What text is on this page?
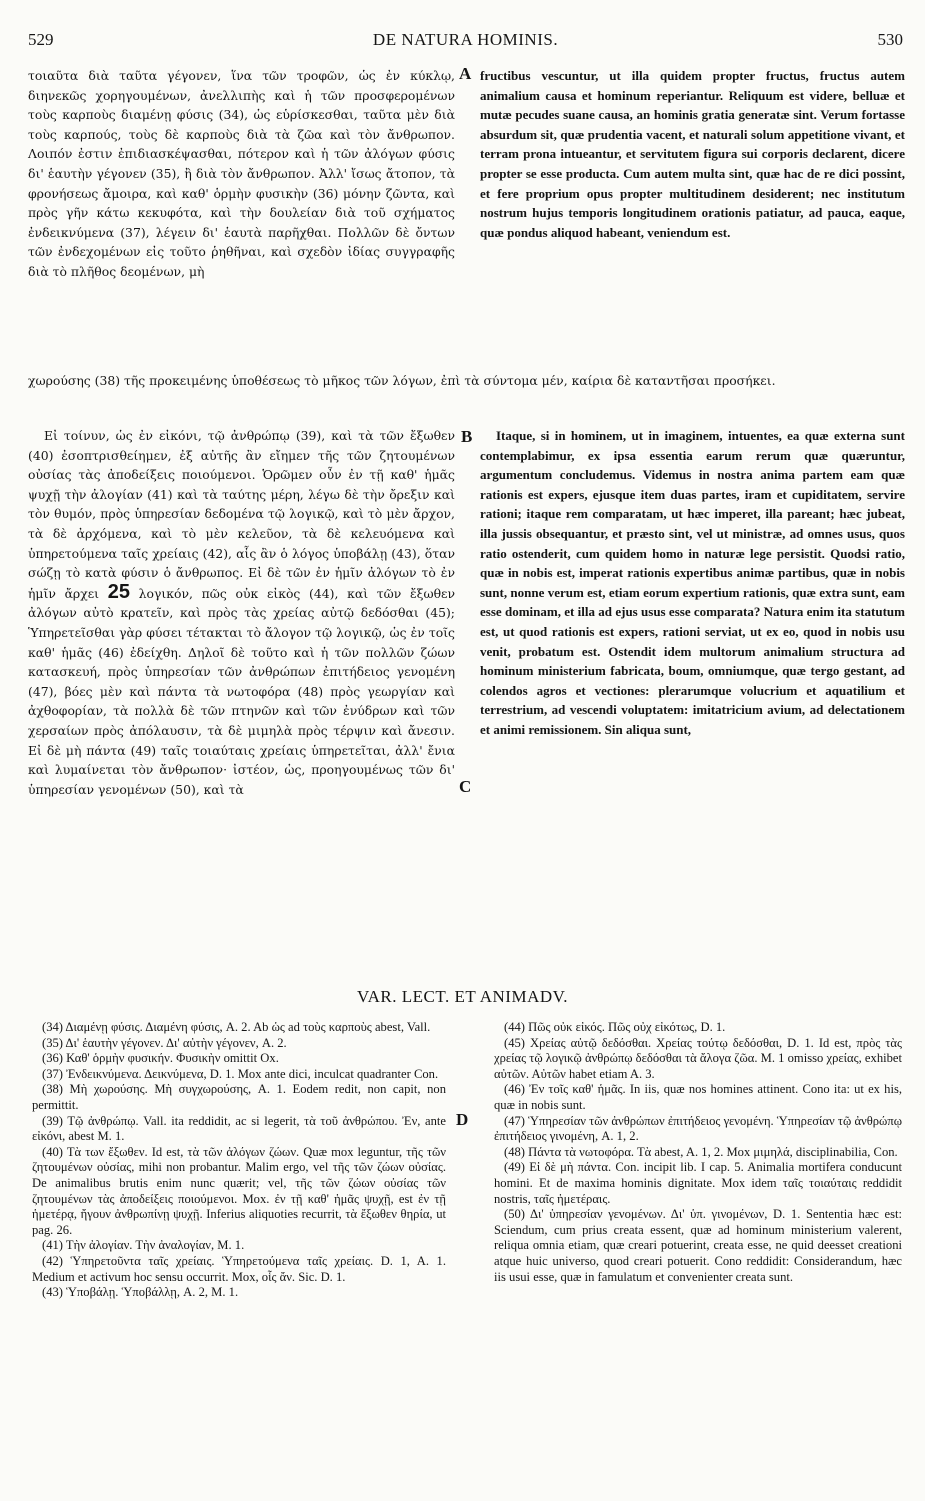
529	DE NATURA HOMINIS.	530

τοιαῦτα διὰ ταῦτα γέγονεν, ἵνα τῶν τροφῶν, ὡς ἐν κύκλῳ, διηνεκῶς χορηγουμένων, ἀνελλιπὴς καὶ ἡ τῶν προσφερομένων τοὺς καρποὺς διαμένῃ φύσις (34), ὡς εὑρίσκεσθαι, ταῦτα μὲν διὰ τοὺς καρπούς, τοὺς δὲ καρποὺς διὰ τὰ ζῶα καὶ τὸν ἄνθρωπον. Λοιπόν ἐστιν ἐπιδιασκέψασθαι, πότερον καὶ ἡ τῶν ἀλόγων φύσις δι' ἑαυτὴν γέγονεν (35), ἢ διὰ τὸν ἄνθρωπον. Ἀλλ' ἴσως ἄτοπον, τὰ φρονήσεως ἄμοιρα, καὶ καθ' ὁρμὴν φυσικὴν (36) μόνην ζῶντα, καὶ πρὸς γῆν κάτω κεκυφότα, καὶ τὴν δουλείαν διὰ τοῦ σχήματος ἐνδεικνύμενα (37), λέγειν δι' ἑαυτὰ παρῆχθαι. Πολλῶν δὲ ὄντων τῶν ἐνδεχομένων εἰς τοῦτο ῥηθῆναι, καὶ σχεδὸν ἰδίας συγγραφῆς διὰ τὸ πλῆθος δεομένων, μὴ

fructibus vescuntur, ut illa quidem propter fructus, fructus autem animalium causa et hominum reperiantur. Reliquum est videre, belluæ et mutæ pecudes suane causa, an hominis gratia generatæ sint. Verum fortasse absurdum sit, quæ prudentia vacent, et naturali solum appetitione vivant, et terram prona intueantur, et servitutem figura sui corporis declarent, dicere propter se esse producta. Cum autem multa sint, quæ hac de re dici possint, et fere proprium opus propter multitudinem desiderent; nec institutum nostrum hujus temporis longitudinem orationis patiatur, ad pauca, eaque, quæ pondus aliquod habeant, veniendum est.

χωρούσης (38) τῆς προκειμένης ὑποθέσεως τὸ μῆκος τῶν λόγων, ἐπὶ τὰ σύντομα μέν, καίρια δὲ καταντῆσαι προσήκει.

Εἰ τοίνυν, ὡς ἐν εἰκόνι, τῷ ἀνθρώπῳ (39), καὶ τὰ τῶν ἔξωθεν (40) ἐσοπτρισθείημεν, ἐξ αὐτῆς ἂν εἴημεν τῆς τῶν ζητουμένων οὐσίας τὰς ἀποδείξεις ποιούμενοι. Ὁρῶμεν οὖν ἐν τῇ καθ' ἡμᾶς ψυχῇ τὴν ἀλογίαν (41) καὶ τὰ ταύτης μέρη, λέγω δὲ τὴν ὄρεξιν καὶ τὸν θυμόν, πρὸς ὑπηρεσίαν δεδομένα τῷ λογικῷ, καὶ τὸ μὲν ἄρχον, τὰ δὲ ἀρχόμενα, καὶ τὸ μὲν κελεῦον, τὰ δὲ κελευόμενα καὶ ὑπηρετούμενα ταῖς χρείαις (42), αἷς ἂν ὁ λόγος ὑποβάλῃ (43), ὅταν σώζῃ τὸ κατὰ φύσιν ὁ ἄνθρωπος. Εἰ δὲ τῶν ἐν ἡμῖν ἀλόγων τὸ ἐν ἡμῖν ἄρχει 25 λογικόν, πῶς οὐκ εἰκὸς (44), καὶ τῶν ἔξωθεν ἀλόγων αὐτὸ κρατεῖν, καὶ πρὸς τὰς χρείας αὐτῷ δεδόσθαι (45); Ὑπηρετεῖσθαι γὰρ φύσει τέτακται τὸ ἄλογον τῷ λογικῷ, ὡς ἐν τοῖς καθ' ἡμᾶς (46) ἐδείχθη. Δηλοῖ δὲ τοῦτο καὶ ἡ τῶν πολλῶν ζώων κατασκευή, πρὸς ὑπηρεσίαν τῶν ἀνθρώπων ἐπιτήδειος γενομένη (47), βόες μὲν καὶ πάντα τὰ νωτοφόρα (48) πρὸς γεωργίαν καὶ ἀχθοφορίαν, τὰ πολλὰ δὲ τῶν πτηνῶν καὶ τῶν ἐνύδρων καὶ τῶν χερσαίων πρὸς ἀπόλαυσιν, τὰ δὲ μιμηλὰ πρὸς τέρψιν καὶ ἄνεσιν. Εἰ δὲ μὴ πάντα (49) ταῖς τοιαύταις χρείαις ὑπηρετεῖται, ἀλλ' ἔνια καὶ λυμαίνεται τὸν ἄνθρωπον· ἰστέον, ὡς, προηγουμένως τῶν δι' ὑπηρεσίαν γενομένων (50), καὶ τὰ

Itaque, si in hominem, ut in imaginem, intuentes, ea quæ externa sunt contemplabimur, ex ipsa essentia earum rerum quæ quæruntur, argumentum concludemus. Videmus in nostra anima partem eam quæ rationis est expers, ejusque item duas partes, iram et cupiditatem, servire rationi; itaque rem comparatam, ut hæc imperet, illa pareant; hæc jubeat, illa jussis obsequantur, et præsto sint, vel ut ministræ, ad omnes usus, quos ratio ostenderit, cum quidem homo in naturæ lege persistit. Quodsi ratio, quæ in nobis est, imperat rationis expertibus animæ partibus, quæ in nobis sunt, nonne verum est, etiam eorum expertium rationis, quæ extra sunt, eam esse dominam, et illa ad ejus usus esse comparata? Natura enim ita statutum est, ut quod rationis est expers, rationi serviat, ut ex eo, quod in nobis usu venit, probatum est. Ostendit idem multorum animalium structura ad hominum ministerium fabricata, boum, omniumque, quæ tergo gestant, ad colendos agros et vectiones: plerarumque volucrium et aquatilium et terrestrium, ad vescendi voluptatem: imitatricium avium, ad delectationem et animi remissionem. Sin aliqua sunt,

A
B
C
D
VAR. LECT. ET ANIMADV.

(34) Διαμένῃ φύσις. Διαμένη φύσις, A. 2. Ab ὡς ad τοὺς καρποὺς abest, Vall.

(35) Δι' ἑαυτὴν γέγονεν. Δι' αὐτὴν γέγονεν, A. 2.

(36) Καθ' ὁρμὴν φυσικήν. Φυσικὴν omittit Ox.

(37) Ἐνδεικνύμενα. Δεικνύμενα, D. 1. Mox ante dici, inculcat quadranter Con.

(38) Μὴ χωρούσης. Μὴ συγχωρούσης, A. 1. Eodem redit, non capit, non permittit.

(39) Τῷ ἀνθρώπῳ. Vall. ita reddidit, ac si legerit, τὰ τοῦ ἀνθρώπου. Ἐν, ante εἰκόνι, abest M. 1.

(40) Τὰ των ἔξωθεν. Id est, τὰ τῶν ἀλόγων ζώων. Quæ mox leguntur, τῆς τῶν ζητουμένων οὐσίας, mihi non probantur. Malim ergo, vel τῆς τῶν ζώων οὐσίας. De animalibus brutis enim nunc quærit; vel, τῆς τῶν ζώων οὐσίας τῶν ζητουμένων τὰς ἀποδείξεις ποιούμενοι. Mox. ἐν τῇ καθ' ἡμᾶς ψυχῇ, est ἐν τῇ ἡμετέρᾳ, ἤγουν ἀνθρωπίνῃ ψυχῇ. Inferius aliquoties recurrit, τὰ ἔξωθεν θηρία, ut pag. 26.

(41) Τὴν ἀλογίαν. Τὴν ἀναλογίαν, M. 1.

(42) Ὑπηρετοῦντα ταῖς χρείαις. Ὑπηρετούμενα ταῖς χρείαις. D. 1, A. 1. Medium et activum hoc sensu occurrit. Mox, οἷς ἄν. Sic. D. 1.

(43) Ὑποβάλῃ. Ὑποβάλλῃ, A. 2, M. 1.

(44) Πῶς οὐκ εἰκός. Πῶς οὐχ εἰκότως, D. 1.

(45) Χρείας αὐτῷ δεδόσθαι. Χρείας τούτῳ δεδόσθαι, D. 1. Id est, πρὸς τὰς χρείας τῷ λογικῷ ἀνθρώπῳ δεδόσθαι τὰ ἄλογα ζῶα. M. 1 omisso χρείας, exhibet αὐτῶν. Αὐτῶν habet etiam A. 3.

(46) Ἐν τοῖς καθ' ἡμᾶς. In iis, quæ nos homines attinent. Cono ita: ut ex his, quæ in nobis sunt.

(47) Ὑπηρεσίαν τῶν ἀνθρώπων ἐπιτήδειος γενομένη. Ὑπηρεσίαν τῷ ἀνθρώπῳ ἐπιτήδειος γινομένη, A. 1, 2.

(48) Πάντα τὰ νωτοφόρα. Τὰ abest, A. 1, 2. Mox μιμηλά, disciplinabilia, Con.

(49) Εἰ δὲ μὴ πάντα. Con. incipit lib. I cap. 5. Animalia mortifera conducunt homini. Et de maxima hominis dignitate. Mox idem ταῖς τοιαύταις reddidit nostris, ταῖς ἡμετέραις.

(50) Δι' ὑπηρεσίαν γενομένων. Δι' ὑπ. γινομένων, D. 1. Sententia hæc est: Sciendum, cum prius creata essent, quæ ad hominum ministerium valerent, reliqua omnia etiam, quæ creari potuerint, creata esse, ne quid deesset creationi atque huic universo, quod creari potuerit. Cono reddidit: Considerandum, hæc iis usui esse, quæ in famulatum et convenienter creata sunt.
